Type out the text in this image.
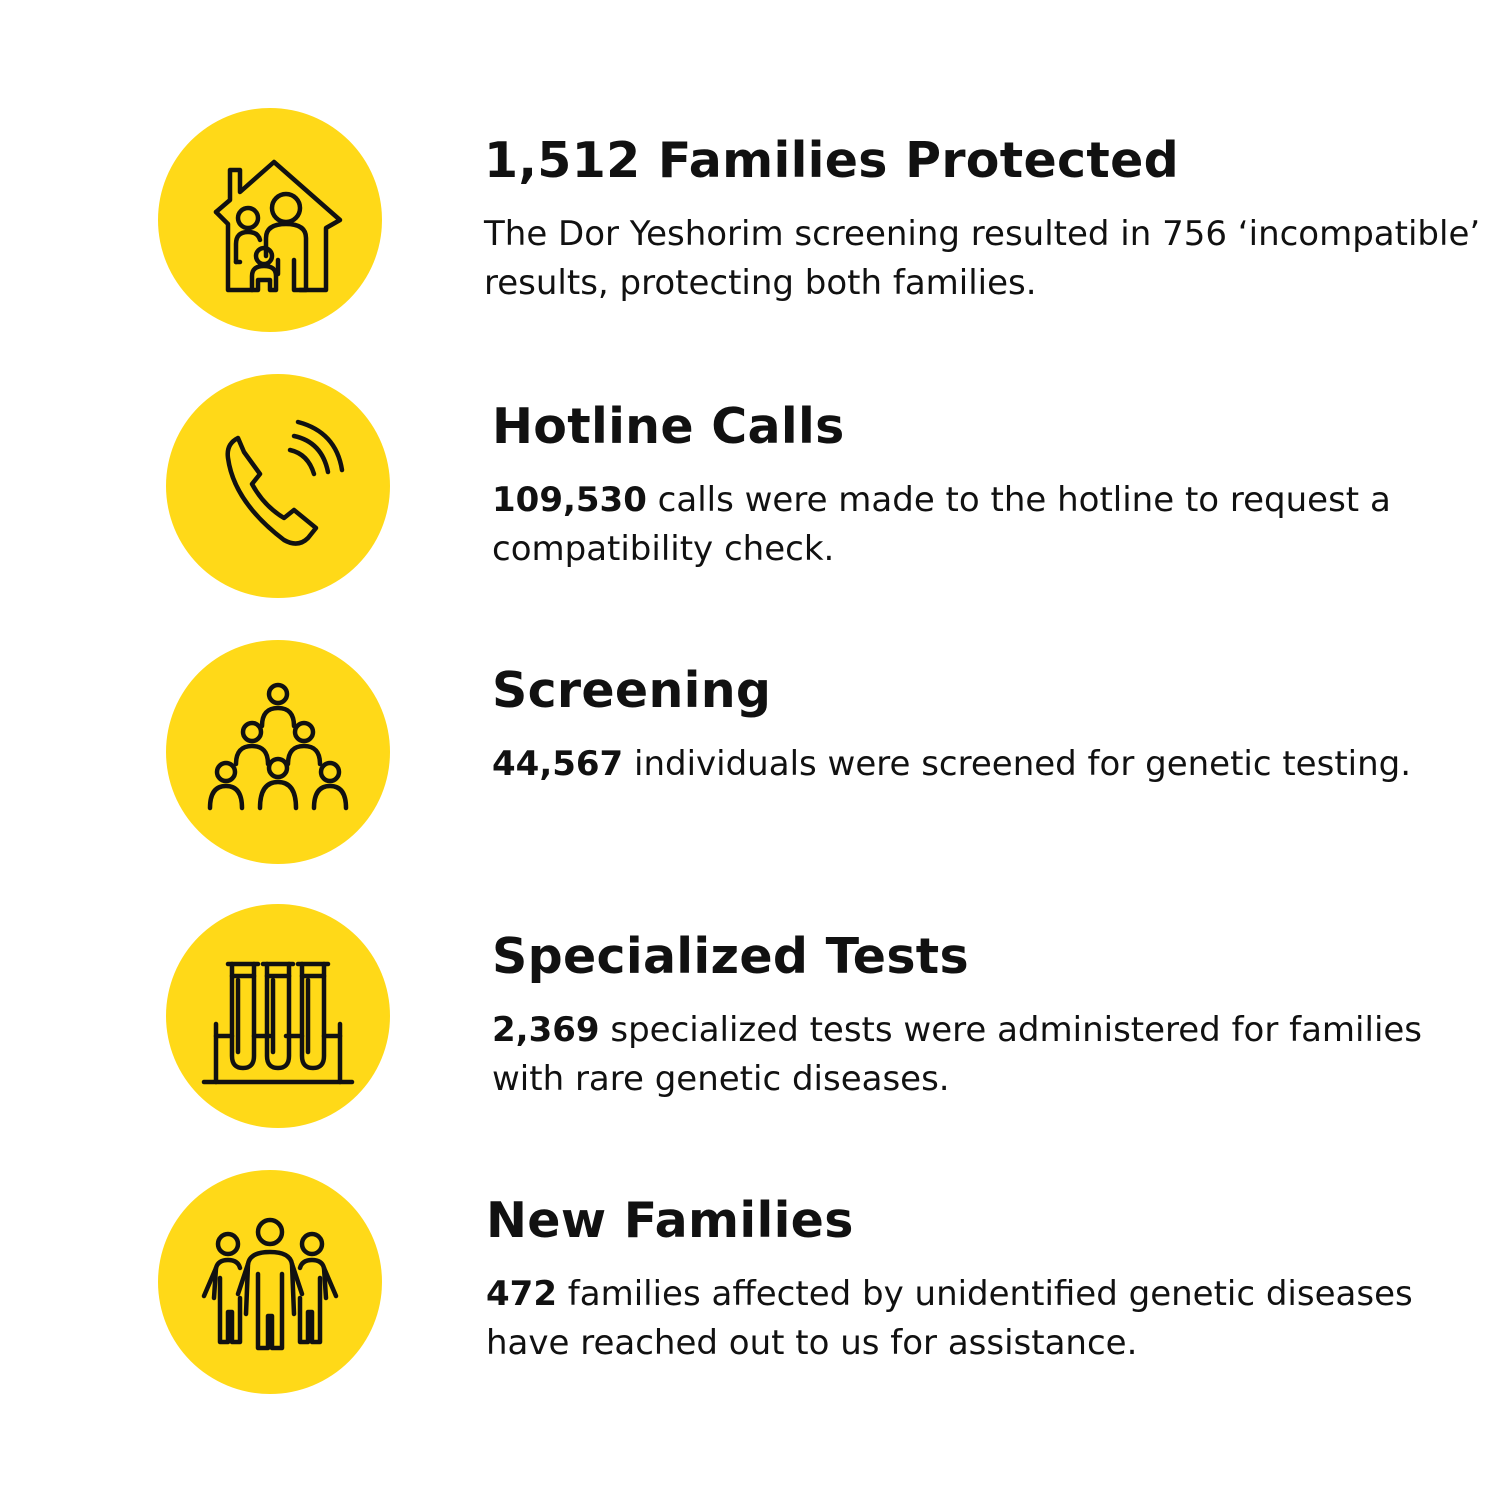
1,512 Families Protected

The Dor Yeshorim screening resulted in 756 ‘incompatible’ results, protecting both families.

Hotline Calls

109,530 calls were made to the hotline to request a compatibility check.

Screening

44,567 individuals were screened for genetic testing.

Specialized Tests

2,369 specialized tests were administered for families with rare genetic diseases.

New Families

472 families affected by unidentified genetic diseases have reached out to us for assistance.
